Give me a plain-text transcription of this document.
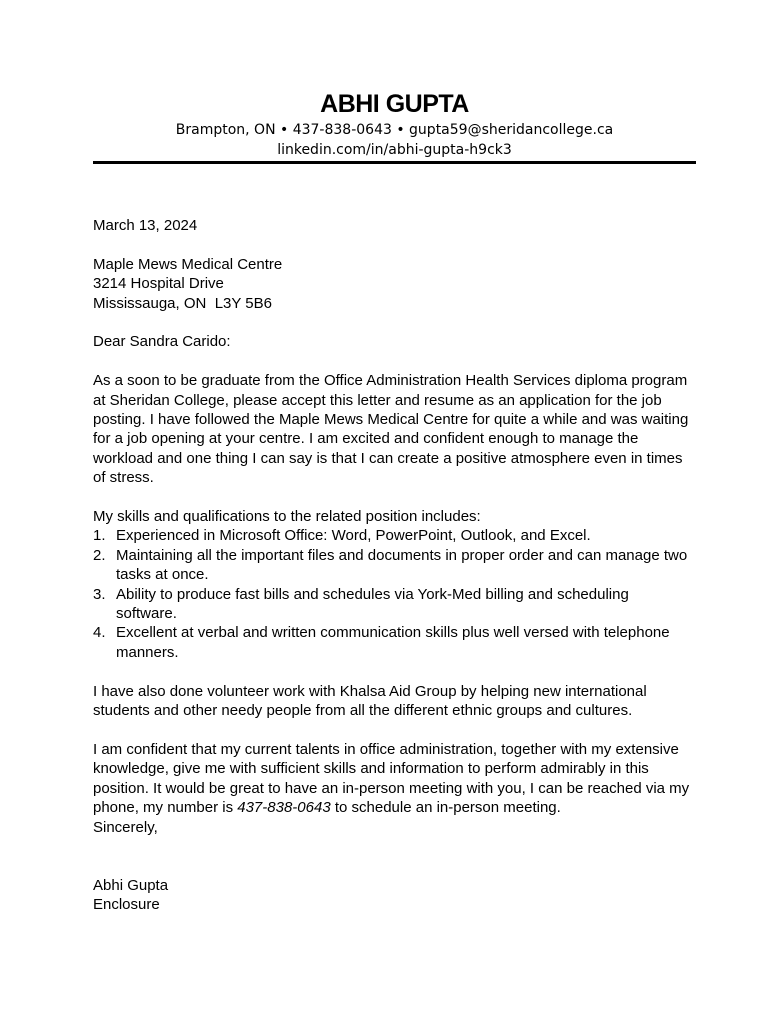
ABHI GUPTA
Brampton, ON • 437-838-0643 • gupta59@sheridancollege.ca
linkedin.com/in/abhi-gupta-h9ck3

March 13, 2024

Maple Mews Medical Centre
3214 Hospital Drive
Mississauga, ON  L3Y 5B6

Dear Sandra Carido:

As a soon to be graduate from the Office Administration Health Services diploma program at Sheridan College, please accept this letter and resume as an application for the job posting. I have followed the Maple Mews Medical Centre for quite a while and was waiting for a job opening at your centre. I am excited and confident enough to manage the workload and one thing I can say is that I can create a positive atmosphere even in times of stress.

My skills and qualifications to the related position includes:

1. Experienced in Microsoft Office: Word, PowerPoint, Outlook, and Excel.
2. Maintaining all the important files and documents in proper order and can manage two tasks at once.
3. Ability to produce fast bills and schedules via York-Med billing and scheduling software.
4. Excellent at verbal and written communication skills plus well versed with telephone manners.

I have also done volunteer work with Khalsa Aid Group by helping new international students and other needy people from all the different ethnic groups and cultures.

I am confident that my current talents in office administration, together with my extensive knowledge, give me with sufficient skills and information to perform admirably in this position. It would be great to have an in-person meeting with you, I can be reached via my phone, my number is 437-838-0643 to schedule an in-person meeting.

Sincerely,

Abhi Gupta

Enclosure
